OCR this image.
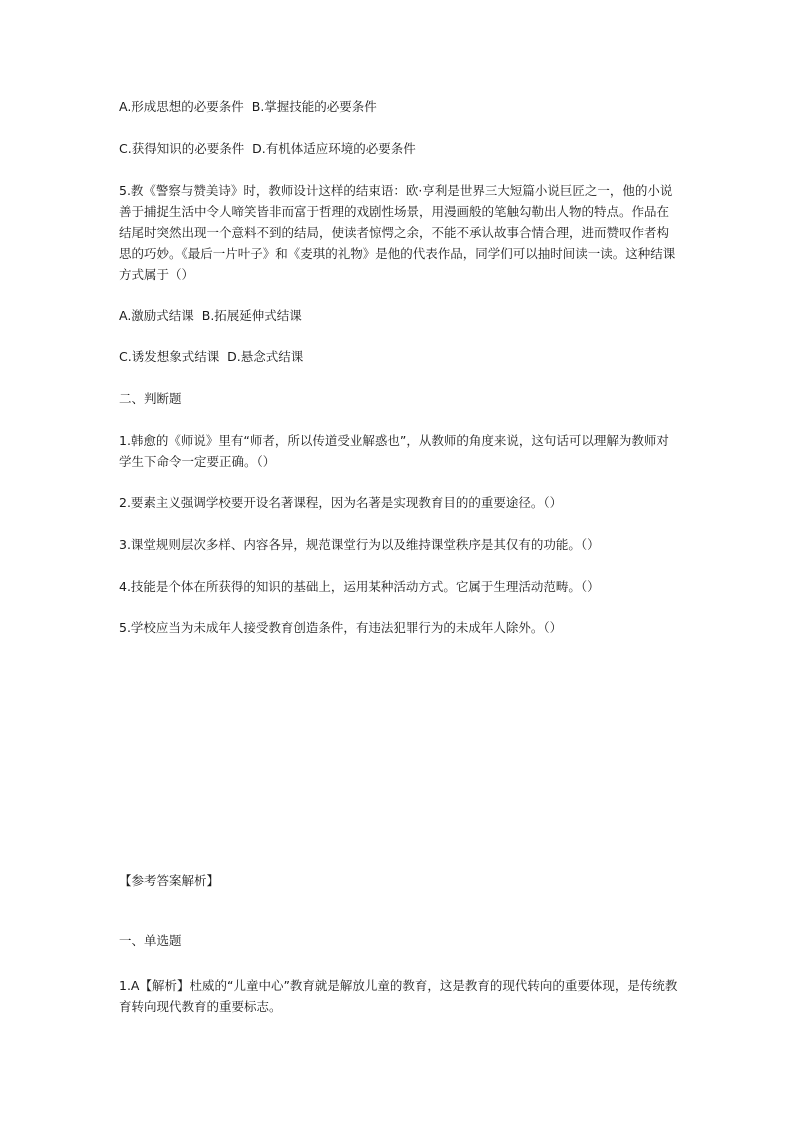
A.形成思想的必要条件  B.掌握技能的必要条件
C.获得知识的必要条件  D.有机体适应环境的必要条件
5.教《警察与赞美诗》时，教师设计这样的结束语：欧·亨利是世界三大短篇小说巨匠之一，他的小说善于捕捉生活中令人啼笑皆非而富于哲理的戏剧性场景，用漫画般的笔触勾勒出人物的特点。作品在结尾时突然出现一个意料不到的结局，使读者惊愕之余，不能不承认故事合情合理，进而赞叹作者构思的巧妙。《最后一片叶子》和《麦琪的礼物》是他的代表作品，同学们可以抽时间读一读。这种结课方式属于（）
A.激励式结课  B.拓展延伸式结课
C.诱发想象式结课  D.悬念式结课
二、判断题
1.韩愈的《师说》里有“师者，所以传道受业解惑也”，从教师的角度来说，这句话可以理解为教师对学生下命令一定要正确。（）
2.要素主义强调学校要开设名著课程，因为名著是实现教育目的的重要途径。（）
3.课堂规则层次多样、内容各异，规范课堂行为以及维持课堂秩序是其仅有的功能。（）
4.技能是个体在所获得的知识的基础上，运用某种活动方式。它属于生理活动范畴。（）
5.学校应当为未成年人接受教育创造条件，有违法犯罪行为的未成年人除外。（）
【参考答案解析】
一、单选题
1.A【解析】杜威的“儿童中心”教育就是解放儿童的教育，这是教育的现代转向的重要体现，是传统教育转向现代教育的重要标志。
